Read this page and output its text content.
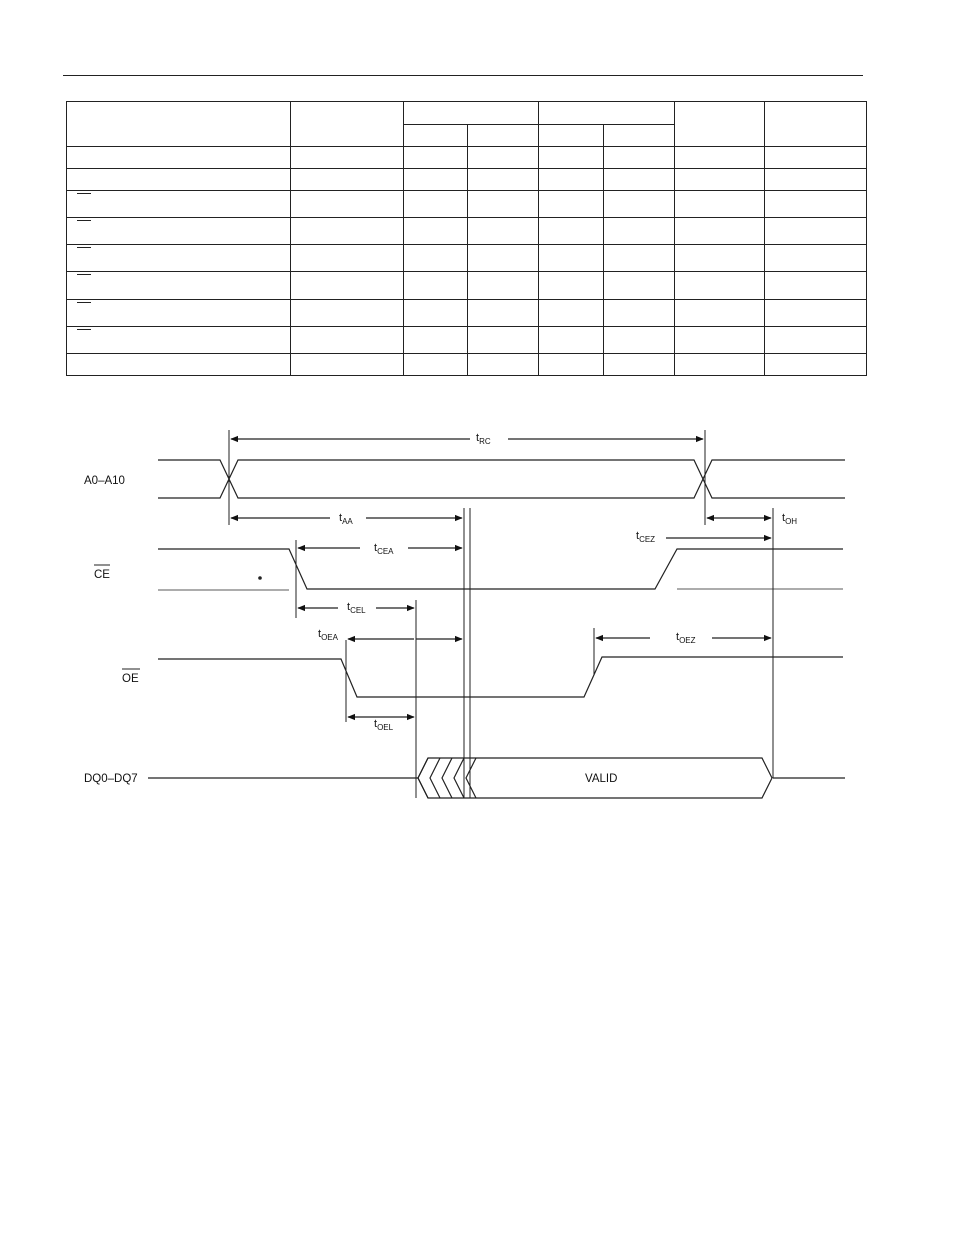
A0–A10
CE
OE
DQ0–DQ7	VALID
$t_{RC}$
$t_{AA}$	$t_{OH}$
$t_{CEZ}$
$t_{CEA}$
$t_{CEL}$
$t_{OEA}$	$t_{OEZ}$
$t_{OEL}$
